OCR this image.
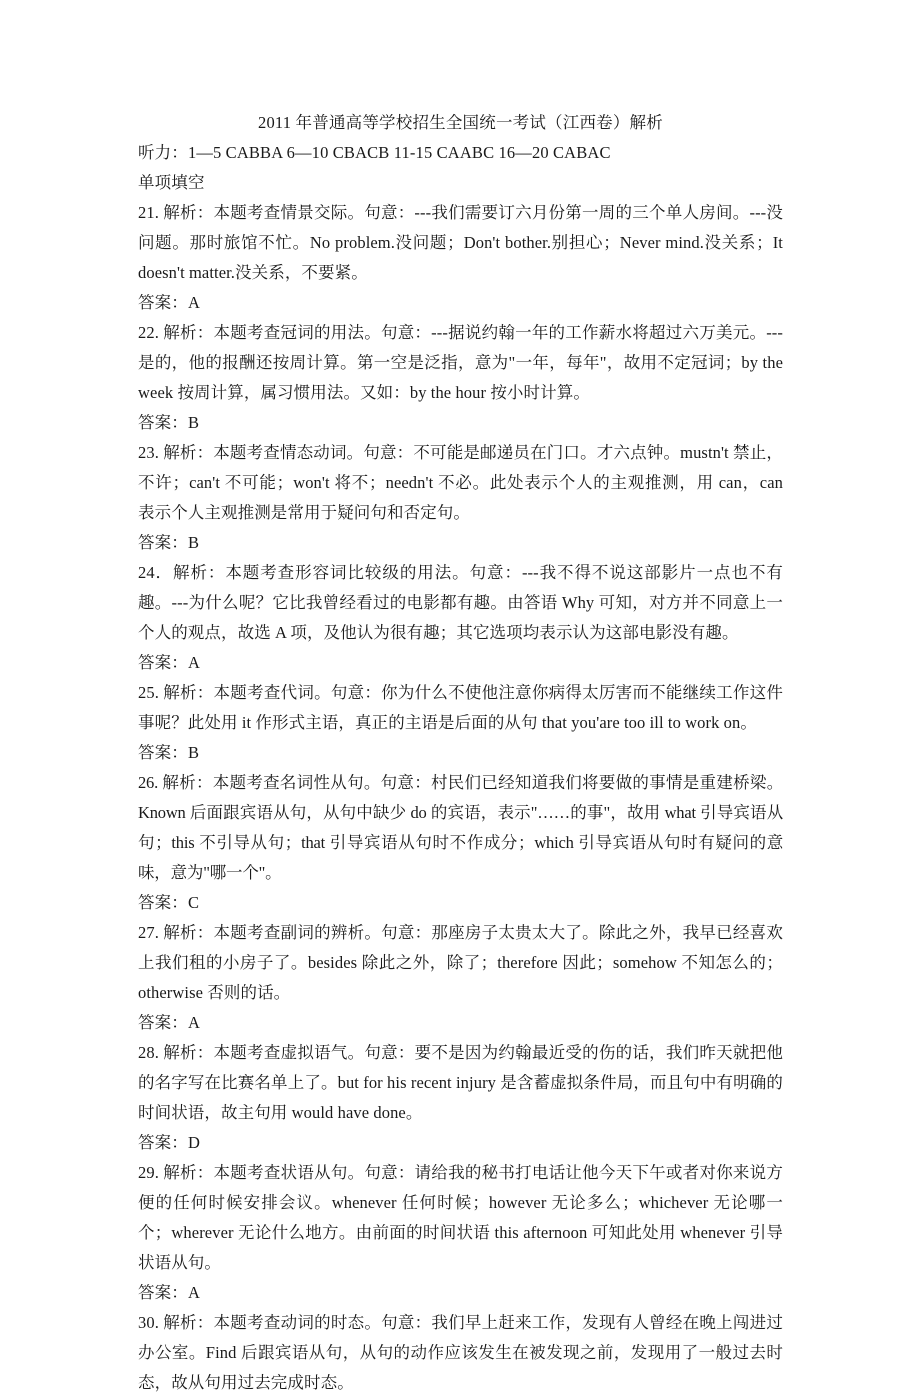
2011 年普通高等学校招生全国统一考试（江西卷）解析
听力：1—5 CABBA 6—10 CBACB 11-15 CAABC 16—20 CABAC
单项填空
21. 解析：本题考查情景交际。句意：---我们需要订六月份第一周的三个单人房间。---没问题。那时旅馆不忙。No problem.没问题；Don't bother.别担心；Never mind.没关系；It doesn't matter.没关系，不要紧。
答案：A
22. 解析：本题考查冠词的用法。句意：---据说约翰一年的工作薪水将超过六万美元。---是的，他的报酬还按周计算。第一空是泛指，意为"一年，每年"，故用不定冠词；by the week 按周计算，属习惯用法。又如：by the hour 按小时计算。
答案：B
23. 解析：本题考查情态动词。句意：不可能是邮递员在门口。才六点钟。mustn't 禁止，不许；can't 不可能；won't 将不；needn't 不必。此处表示个人的主观推测，用 can，can 表示个人主观推测是常用于疑问句和否定句。
答案：B
24．解析：本题考查形容词比较级的用法。句意：---我不得不说这部影片一点也不有趣。---为什么呢？它比我曾经看过的电影都有趣。由答语 Why 可知，对方并不同意上一个人的观点，故选 A 项，及他认为很有趣；其它选项均表示认为这部电影没有趣。
答案：A
25. 解析：本题考查代词。句意：你为什么不使他注意你病得太厉害而不能继续工作这件事呢？此处用 it 作形式主语，真正的主语是后面的从句 that you'are too ill to work on。
答案：B
26. 解析：本题考查名词性从句。句意：村民们已经知道我们将要做的事情是重建桥梁。Known 后面跟宾语从句，从句中缺少 do 的宾语，表示"……的事"，故用 what 引导宾语从句；this 不引导从句；that 引导宾语从句时不作成分；which 引导宾语从句时有疑问的意味，意为"哪一个"。
答案：C
27. 解析：本题考查副词的辨析。句意：那座房子太贵太大了。除此之外，我早已经喜欢上我们租的小房子了。besides 除此之外，除了；therefore 因此；somehow 不知怎么的；otherwise 否则的话。
答案：A
28. 解析：本题考查虚拟语气。句意：要不是因为约翰最近受的伤的话，我们昨天就把他的名字写在比赛名单上了。but for his recent injury 是含蓄虚拟条件局，而且句中有明确的时间状语，故主句用 would have done。
答案：D
29. 解析：本题考查状语从句。句意：请给我的秘书打电话让他今天下午或者对你来说方便的任何时候安排会议。whenever 任何时候；however 无论多么；whichever 无论哪一个；wherever 无论什么地方。由前面的时间状语 this afternoon 可知此处用 whenever 引导状语从句。
答案：A
30. 解析：本题考查动词的时态。句意：我们早上赶来工作，发现有人曾经在晚上闯进过办公室。Find 后跟宾语从句，从句的动作应该发生在被发现之前，发现用了一般过去时态，故从句用过去完成时态。
